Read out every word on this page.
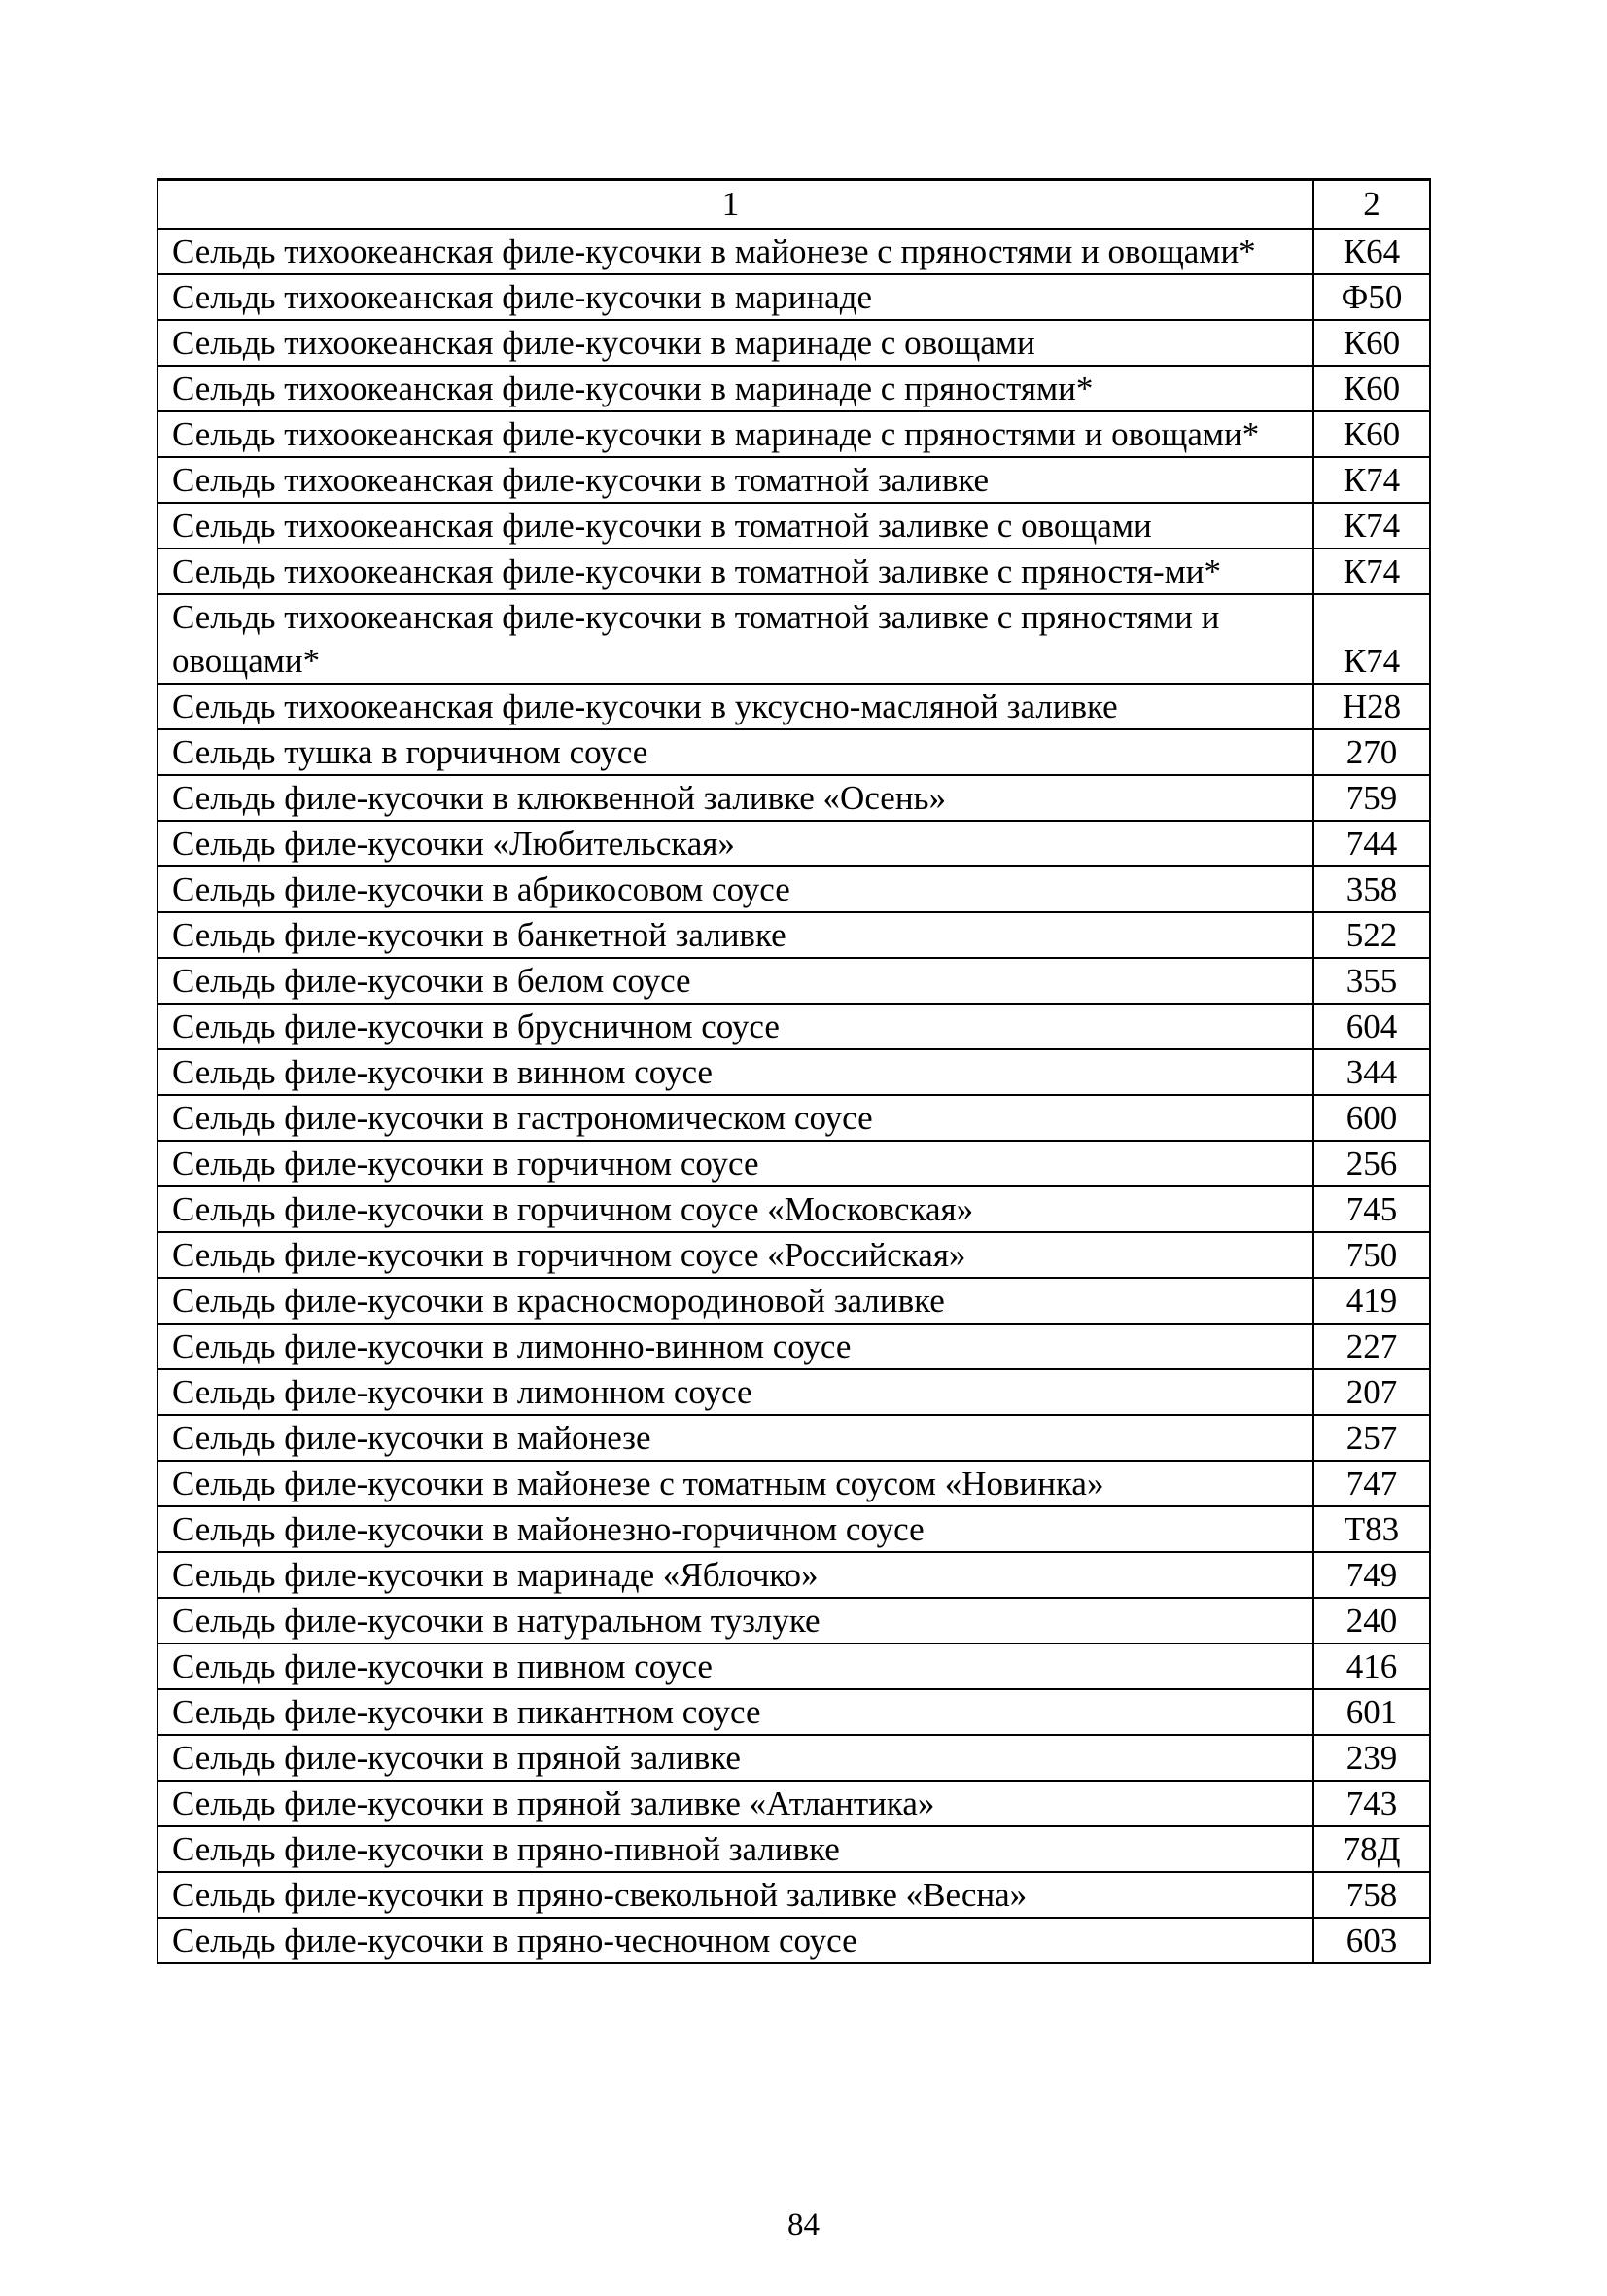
1	2
Сельдь тихоокеанская филе-кусочки в майонезе с пряностями и овощами*	К64
Сельдь тихоокеанская филе-кусочки в маринаде	Ф50
Сельдь тихоокеанская филе-кусочки в маринаде с овощами	К60
Сельдь тихоокеанская филе-кусочки в маринаде с пряностями*	К60
Сельдь тихоокеанская филе-кусочки в маринаде с пряностями и овощами*	К60
Сельдь тихоокеанская филе-кусочки в томатной заливке	К74
Сельдь тихоокеанская филе-кусочки в томатной заливке с овощами	К74
Сельдь тихоокеанская филе-кусочки в томатной заливке с пряностя-ми*	К74
Сельдь тихоокеанская филе-кусочки в томатной заливке с пряностями и овощами*	К74
Сельдь тихоокеанская филе-кусочки в уксусно-масляной заливке	Н28
Сельдь тушка в горчичном соусе	270
Сельдь филе-кусочки в клюквенной заливке «Осень»	759
Сельдь филе-кусочки «Любительская»	744
Сельдь филе-кусочки в абрикосовом соусе	358
Сельдь филе-кусочки в банкетной заливке	522
Сельдь филе-кусочки в белом соусе	355
Сельдь филе-кусочки в брусничном соусе	604
Сельдь филе-кусочки в винном соусе	344
Сельдь филе-кусочки в гастрономическом соусе	600
Сельдь филе-кусочки в горчичном соусе	256
Сельдь филе-кусочки в горчичном соусе «Московская»	745
Сельдь филе-кусочки в горчичном соусе «Российская»	750
Сельдь филе-кусочки в красносмородиновой заливке	419
Сельдь филе-кусочки в лимонно-винном соусе	227
Сельдь филе-кусочки в лимонном соусе	207
Сельдь филе-кусочки в майонезе	257
Сельдь филе-кусочки в майонезе с томатным соусом «Новинка»	747
Сельдь филе-кусочки в майонезно-горчичном соусе	Т83
Сельдь филе-кусочки в маринаде «Яблочко»	749
Сельдь филе-кусочки в натуральном тузлуке	240
Сельдь филе-кусочки в пивном соусе	416
Сельдь филе-кусочки в пикантном соусе	601
Сельдь филе-кусочки в пряной заливке	239
Сельдь филе-кусочки в пряной заливке «Атлантика»	743
Сельдь филе-кусочки в пряно-пивной заливке	78Д
Сельдь филе-кусочки в пряно-свекольной заливке «Весна»	758
Сельдь филе-кусочки в пряно-чесночном соусе	603
84
